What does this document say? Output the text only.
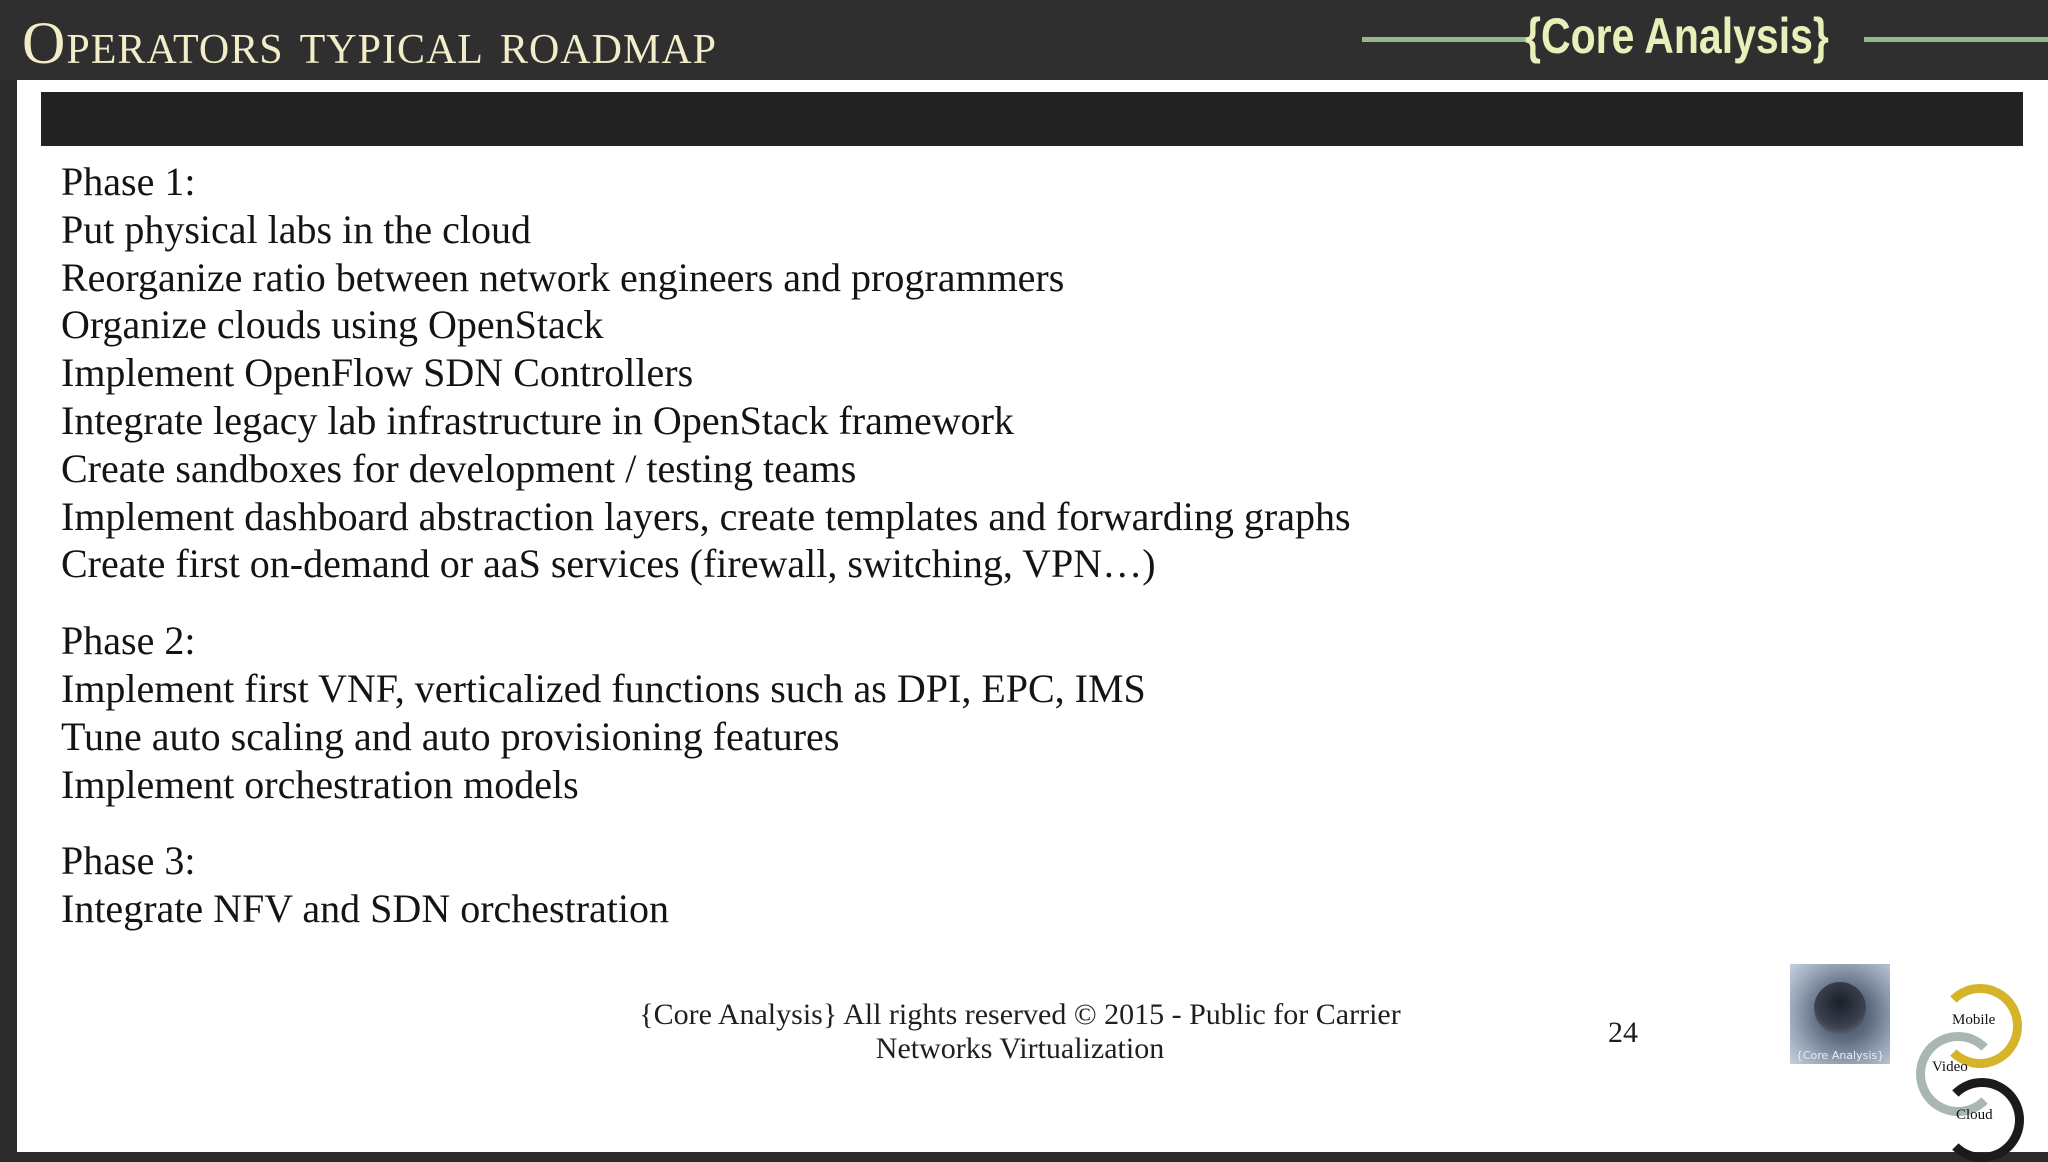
Operators typical roadmap	{Core Analysis}
Phase 1:
Put physical labs in the cloud
Reorganize ratio between network engineers and programmers
Organize clouds using OpenStack
Implement OpenFlow SDN Controllers
Integrate legacy lab infrastructure in OpenStack framework
Create sandboxes for development / testing teams
Implement dashboard abstraction layers, create templates and forwarding graphs
Create first on-demand or aaS services (firewall, switching, VPN…)
Phase 2:
Implement first VNF, verticalized functions such as DPI, EPC, IMS
Tune auto scaling and auto provisioning features
Implement orchestration models
Phase 3:
Integrate NFV and SDN orchestration
{Core Analysis} All rights reserved © 2015 - Public for Carrier
Networks Virtualization	24
{Core Analysis}
Mobile
Video
Cloud
